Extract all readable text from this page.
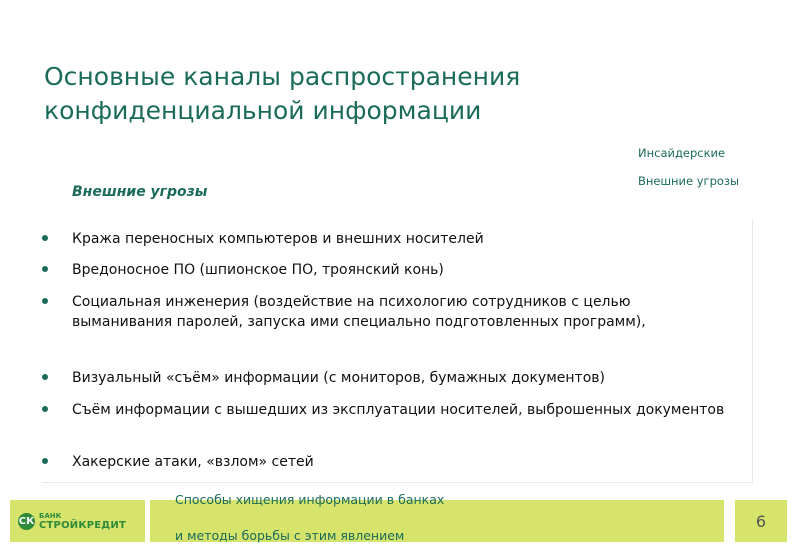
Основные каналы распространения
конфиденциальной информации
Инсайдерские
Внешние угрозы
Внешние угрозы
Кража переносных компьютеров и внешних носителей
Вредоносное ПО (шпионское ПО, троянский конь)
Социальная инженерия (воздействие на психологию сотрудников с целью выманивания паролей, запуска ими специально подготовленных программ),
Визуальный «съём» информации (с мониторов, бумажных документов)
Съём информации с вышедших из эксплуатации носителей, выброшенных документов
Хакерские атаки, «взлом» сетей
СК БАНК
СТРОЙКРЕДИТ
Способы хищения информации в банках
и методы борьбы с этим явлением
6
